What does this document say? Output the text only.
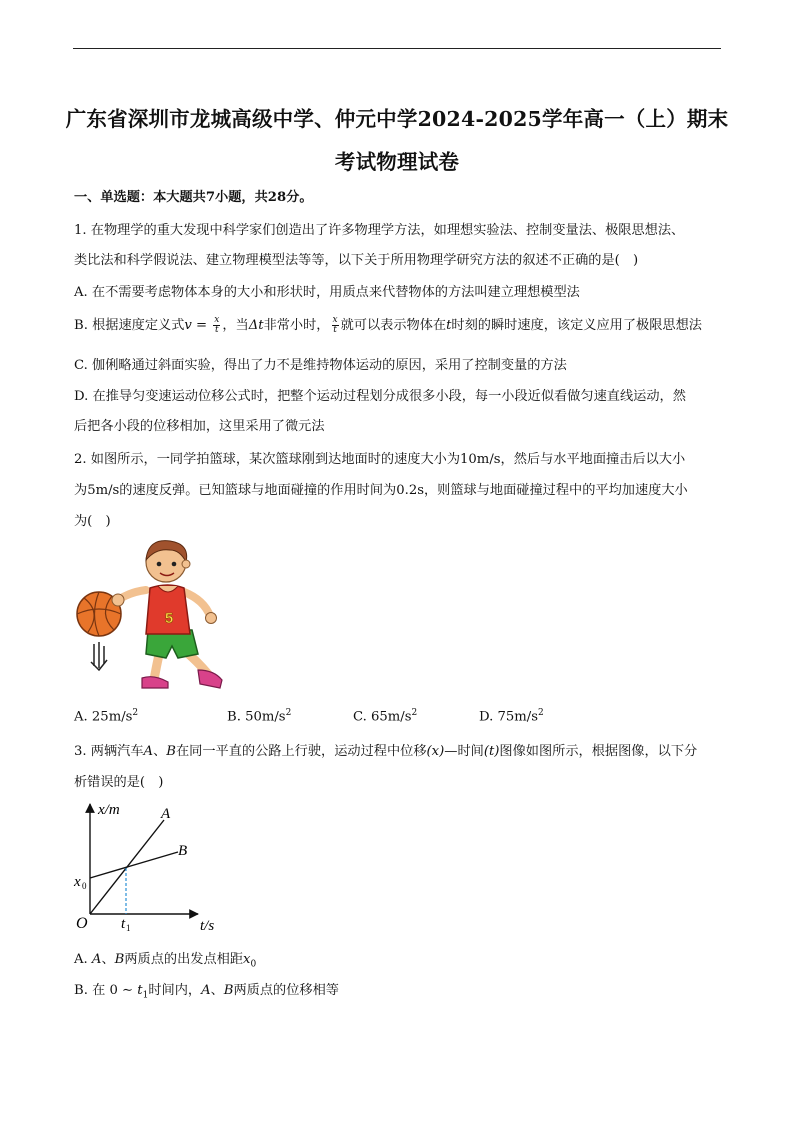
广东省深圳市龙城高级中学、仲元中学2024-2025学年高一（上）期末
考试物理试卷
一、单选题：本大题共7小题，共28分。
1. 在物理学的重大发现中科学家们创造出了许多物理学方法，如理想实验法、控制变量法、极限思想法、
类比法和科学假说法、建立物理模型法等等，以下关于所用物理学研究方法的叙述不正确的是(　)
A. 在不需要考虑物体本身的大小和形状时，用质点来代替物体的方法叫建立理想模型法
B. 根据速度定义式$v = \frac{x}{t}$ ，当Δt非常小时， $\frac{x}{t}$ 就可以表示物体在t时刻的瞬时速度，该定义应用了极限思想法
C. 伽俐略通过斜面实验，得出了力不是维持物体运动的原因，采用了控制变量的方法
D. 在推导匀变速运动位移公式时，把整个运动过程划分成很多小段，每一小段近似看做匀速直线运动，然
后把各小段的位移相加，这里采用了微元法
2. 如图所示，一同学拍篮球，某次篮球刚到达地面时的速度大小为10m/s，然后与水平地面撞击后以大小
为5m/s的速度反弹。已知篮球与地面碰撞的作用时间为0.2s，则篮球与地面碰撞过程中的平均加速度大小
为(　)
5
A. $25m/s^2$	B. $50m/s^2$	C. $65m/s^2$	D. $75m/s^2$
3. 两辆汽车A、B在同一平直的公路上行驶，运动过程中位移(x)—时间(t)图像如图所示，根据图像，以下分
析错误的是(　)
x/m
t/s
O
x 0
t 1
A
B
A. A、B两质点的出发点相距$x_0$
B. 在 0 ∼ $t_1$时间内，A、B两质点的位移相等
